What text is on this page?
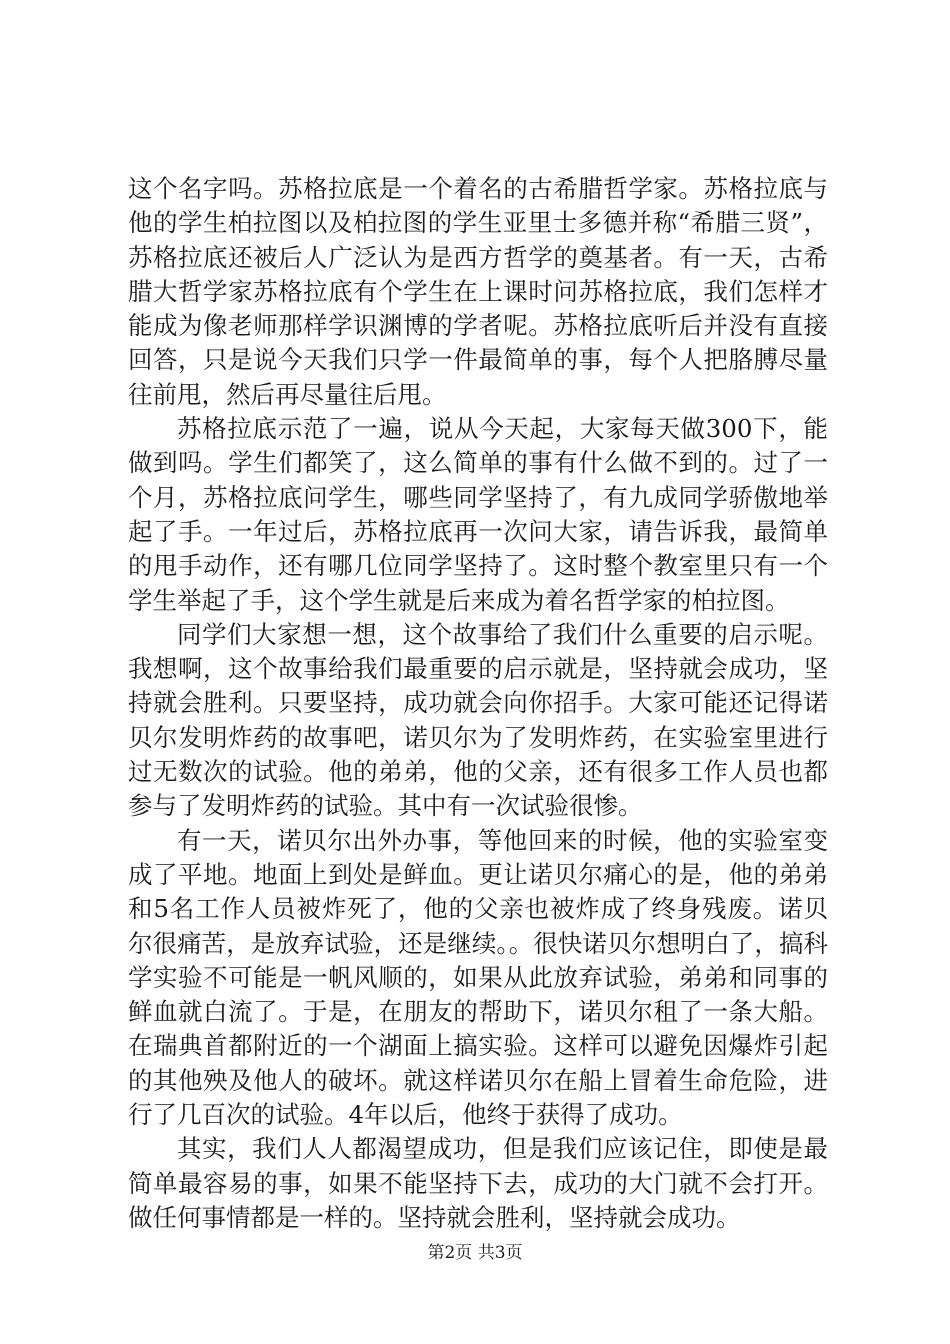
这个名字吗。苏格拉底是一个着名的古希腊哲学家。苏格拉底与他的学生柏拉图以及柏拉图的学生亚里士多德并称“希腊三贤”，苏格拉底还被后人广泛认为是西方哲学的奠基者。有一天，古希腊大哲学家苏格拉底有个学生在上课时问苏格拉底，我们怎样才能成为像老师那样学识渊博的学者呢。苏格拉底听后并没有直接回答，只是说今天我们只学一件最简单的事，每个人把胳膊尽量往前甩，然后再尽量往后甩。

苏格拉底示范了一遍，说从今天起，大家每天做300下，能做到吗。学生们都笑了，这么简单的事有什么做不到的。过了一个月，苏格拉底问学生，哪些同学坚持了，有九成同学骄傲地举起了手。一年过后，苏格拉底再一次问大家，请告诉我，最简单的甩手动作，还有哪几位同学坚持了。这时整个教室里只有一个学生举起了手，这个学生就是后来成为着名哲学家的柏拉图。

同学们大家想一想，这个故事给了我们什么重要的启示呢。我想啊，这个故事给我们最重要的启示就是，坚持就会成功，坚持就会胜利。只要坚持，成功就会向你招手。大家可能还记得诺贝尔发明炸药的故事吧，诺贝尔为了发明炸药，在实验室里进行过无数次的试验。他的弟弟，他的父亲，还有很多工作人员也都参与了发明炸药的试验。其中有一次试验很惨。

有一天，诺贝尔出外办事，等他回来的时候，他的实验室变成了平地。地面上到处是鲜血。更让诺贝尔痛心的是，他的弟弟和5名工作人员被炸死了，他的父亲也被炸成了终身残废。诺贝尔很痛苦，是放弃试验，还是继续。。很快诺贝尔想明白了，搞科学实验不可能是一帆风顺的，如果从此放弃试验，弟弟和同事的鲜血就白流了。于是，在朋友的帮助下，诺贝尔租了一条大船。在瑞典首都附近的一个湖面上搞实验。这样可以避免因爆炸引起的其他殃及他人的破坏。就这样诺贝尔在船上冒着生命危险，进行了几百次的试验。4年以后，他终于获得了成功。

其实，我们人人都渴望成功，但是我们应该记住，即使是最简单最容易的事，如果不能坚持下去，成功的大门就不会打开。做任何事情都是一样的。坚持就会胜利，坚持就会成功。

第2页 共3页
